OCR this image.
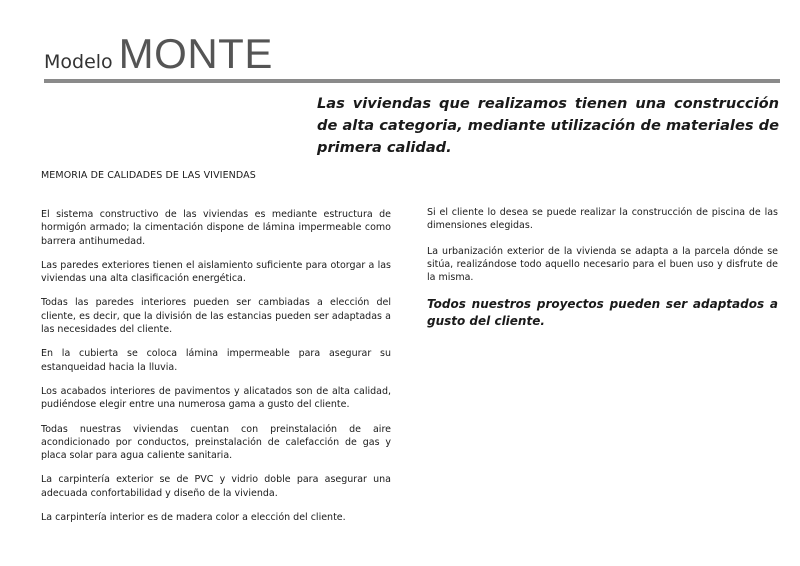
Modelo MONTE
Las viviendas que realizamos tienen una construcción de alta categoria, mediante utilización de materiales de primera calidad.
MEMORIA DE CALIDADES DE LAS VIVIENDAS

El sistema constructivo de las viviendas es mediante estructura de hormigón armado; la cimentación dispone de lámina impermeable como barrera antihumedad.

Las paredes exteriores tienen el aislamiento suficiente para otorgar a las viviendas una alta clasificación energética.

Todas las paredes interiores pueden ser cambiadas a elección del cliente, es decir, que la división de las estancias pueden ser adaptadas a las necesidades del cliente.

En la cubierta se coloca lámina impermeable para asegurar su estanqueidad hacia la lluvia.

Los acabados interiores de pavimentos y alicatados son de alta calidad, pudiéndose elegir entre una numerosa gama a gusto del cliente.

Todas nuestras viviendas cuentan con preinstalación de aire acondicionado por conductos, preinstalación de calefacción de gas y placa solar para agua caliente sanitaria.

La carpintería exterior se de PVC y vidrio doble para asegurar una adecuada confortabilidad y diseño de la vivienda.

La carpintería interior es de madera color a elección del cliente.

Si el cliente lo desea se puede realizar la construcción de piscina de las dimensiones elegidas.

La urbanización exterior de la vivienda se adapta a la parcela dónde se sitúa, realizándose todo aquello necesario para el buen uso y disfrute de la misma.

Todos nuestros proyectos pueden ser adaptados a gusto del cliente.
